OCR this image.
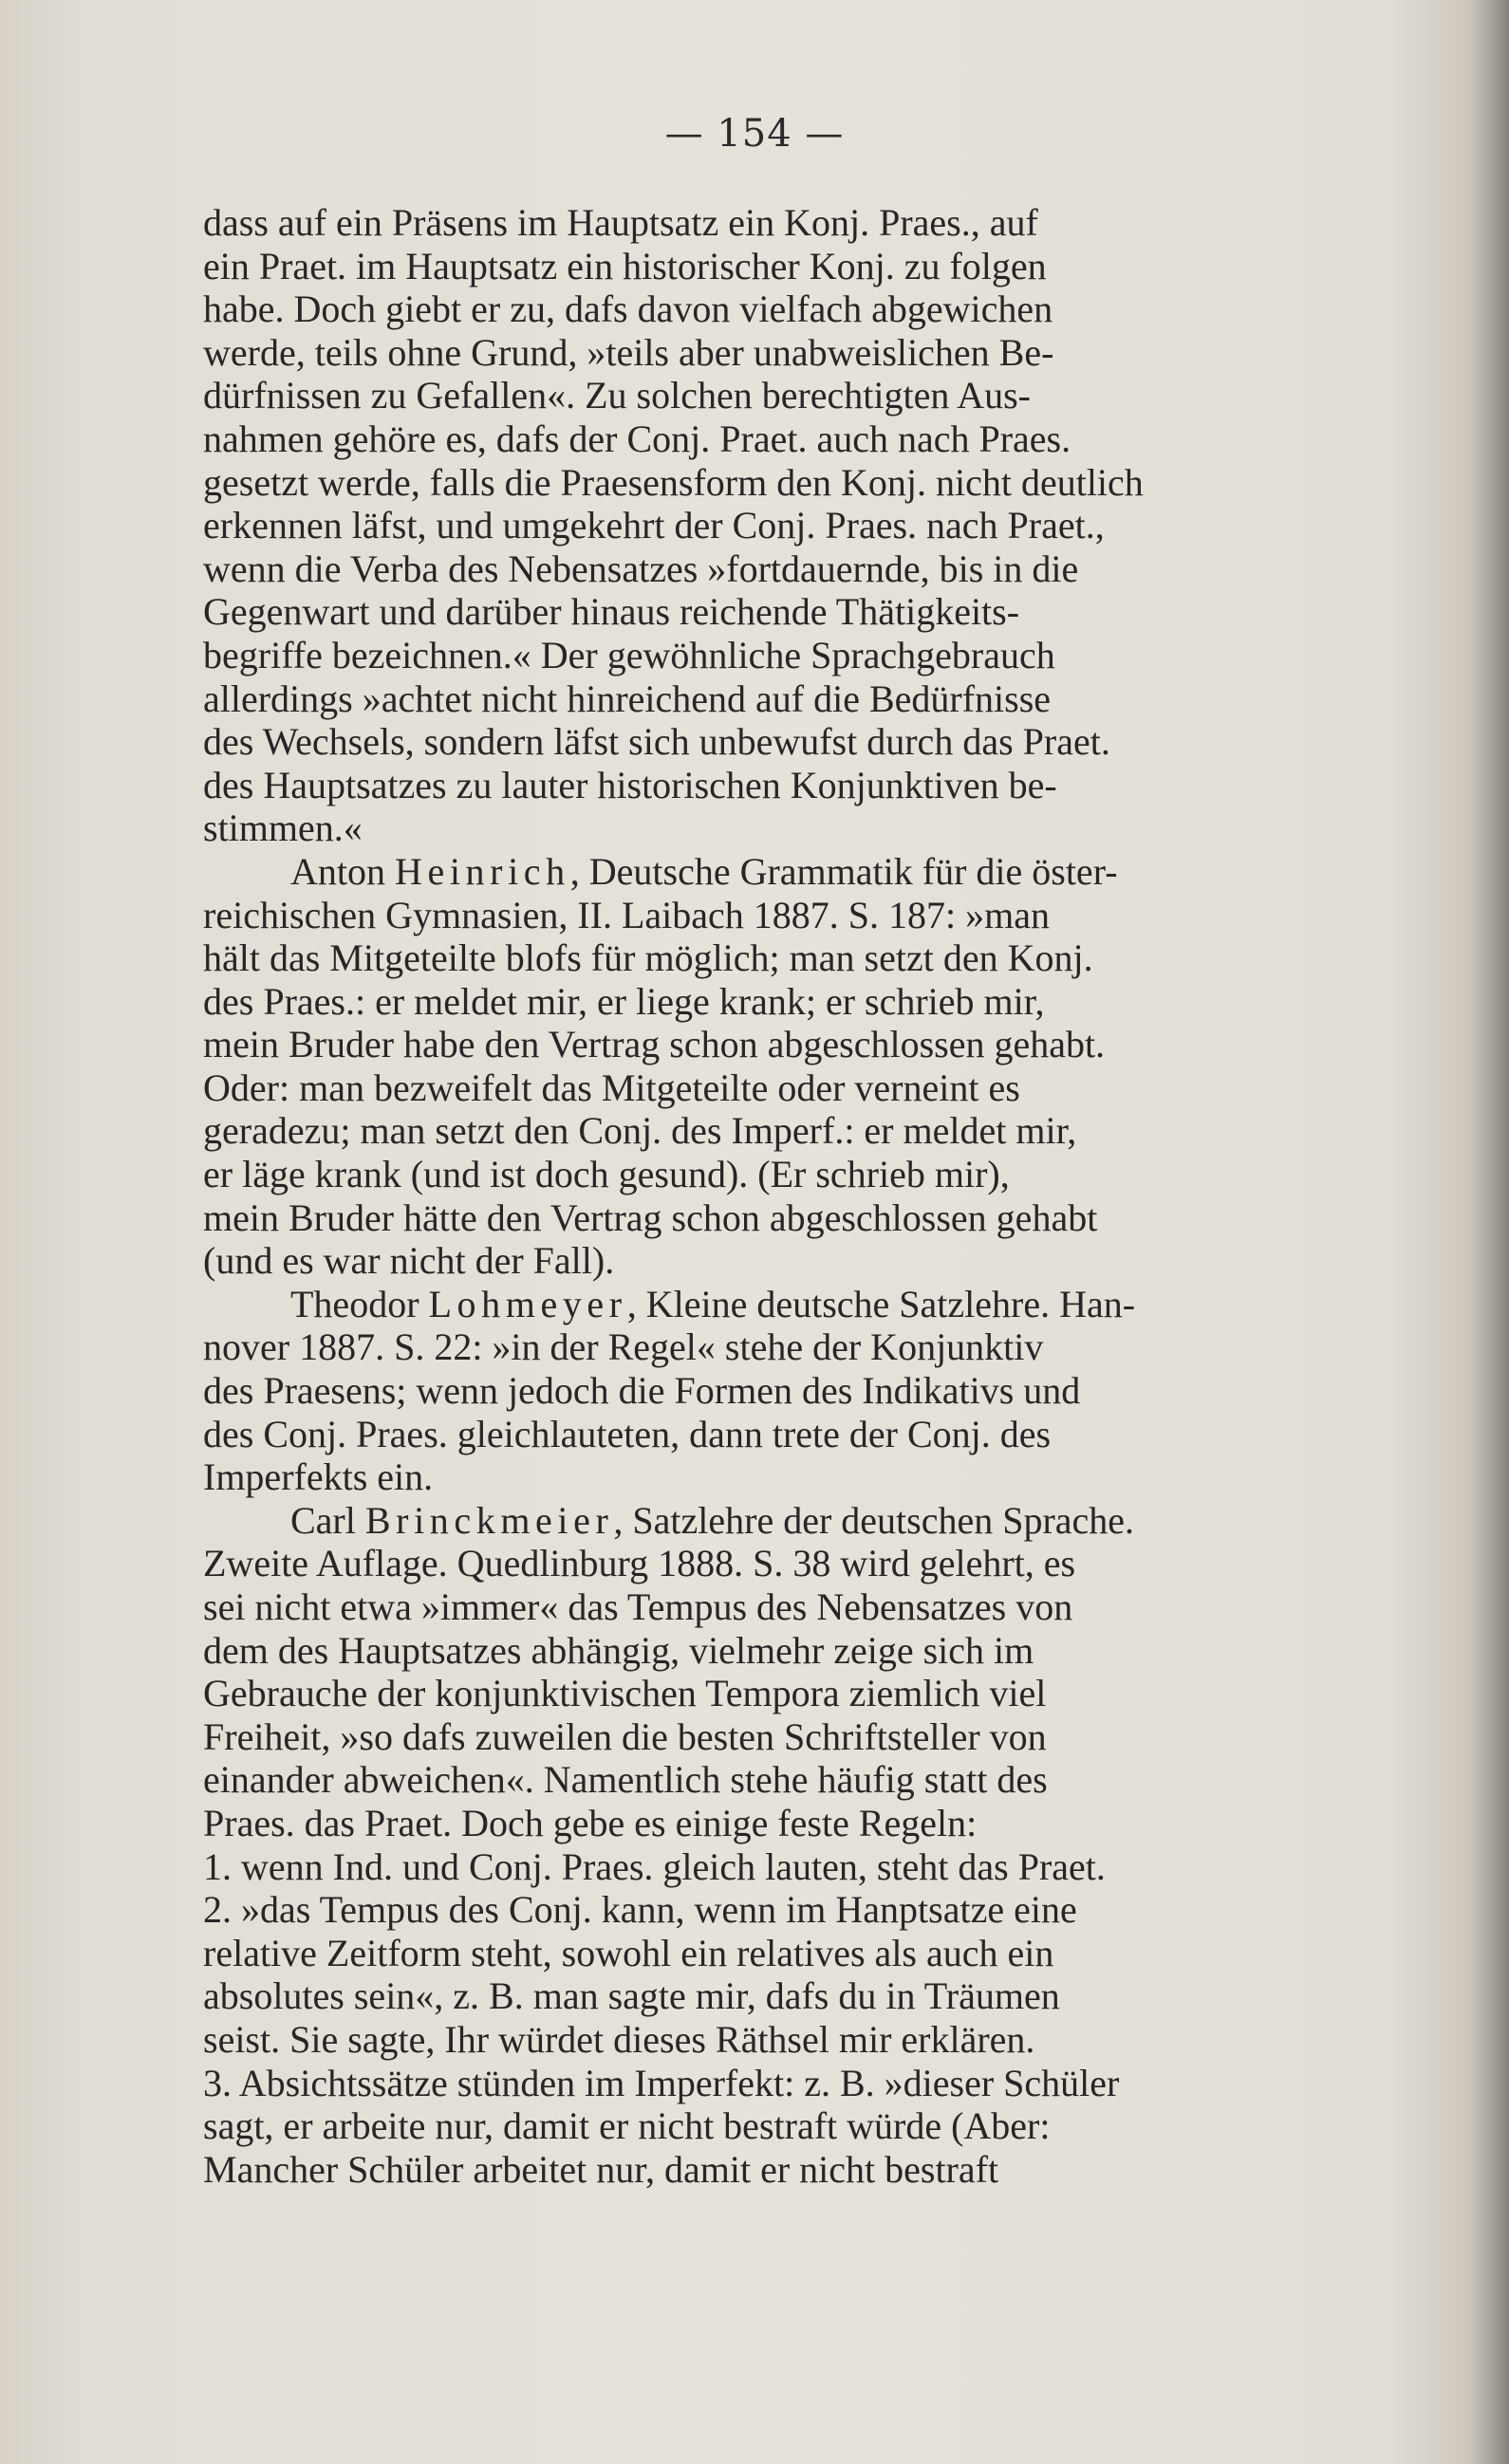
— 154 —
dass auf ein Präsens im Hauptsatz ein Konj. Praes., auf
ein Praet. im Hauptsatz ein historischer Konj. zu folgen
habe. Doch giebt er zu, dafs davon vielfach abgewichen
werde, teils ohne Grund, »teils aber unabweislichen Be-
dürfnissen zu Gefallen«. Zu solchen berechtigten Aus-
nahmen gehöre es, dafs der Conj. Praet. auch nach Praes.
gesetzt werde, falls die Praesensform den Konj. nicht deutlich
erkennen läfst, und umgekehrt der Conj. Praes. nach Praet.,
wenn die Verba des Nebensatzes »fortdauernde, bis in die
Gegenwart und darüber hinaus reichende Thätigkeits-
begriffe bezeichnen.« Der gewöhnliche Sprachgebrauch
allerdings »achtet nicht hinreichend auf die Bedürfnisse
des Wechsels, sondern läfst sich unbewufst durch das Praet.
des Hauptsatzes zu lauter historischen Konjunktiven be-
stimmen.«
Anton Heinrich, Deutsche Grammatik für die öster-
reichischen Gymnasien, II. Laibach 1887. S. 187: »man
hält das Mitgeteilte blofs für möglich; man setzt den Konj.
des Praes.: er meldet mir, er liege krank; er schrieb mir,
mein Bruder habe den Vertrag schon abgeschlossen gehabt.
Oder: man bezweifelt das Mitgeteilte oder verneint es
geradezu; man setzt den Conj. des Imperf.: er meldet mir,
er läge krank (und ist doch gesund). (Er schrieb mir),
mein Bruder hätte den Vertrag schon abgeschlossen gehabt
(und es war nicht der Fall).
Theodor Lohmeyer, Kleine deutsche Satzlehre. Han-
nover 1887. S. 22: »in der Regel« stehe der Konjunktiv
des Praesens; wenn jedoch die Formen des Indikativs und
des Conj. Praes. gleichlauteten, dann trete der Conj. des
Imperfekts ein.
Carl Brinckmeier, Satzlehre der deutschen Sprache.
Zweite Auflage. Quedlinburg 1888. S. 38 wird gelehrt, es
sei nicht etwa »immer« das Tempus des Nebensatzes von
dem des Hauptsatzes abhängig, vielmehr zeige sich im
Gebrauche der konjunktivischen Tempora ziemlich viel
Freiheit, »so dafs zuweilen die besten Schriftsteller von
einander abweichen«. Namentlich stehe häufig statt des
Praes. das Praet. Doch gebe es einige feste Regeln:
1. wenn Ind. und Conj. Praes. gleich lauten, steht das Praet.
2. »das Tempus des Conj. kann, wenn im Hanptsatze eine
relative Zeitform steht, sowohl ein relatives als auch ein
absolutes sein«, z. B. man sagte mir, dafs du in Träumen
seist. Sie sagte, Ihr würdet dieses Räthsel mir erklären.
3. Absichtssätze stünden im Imperfekt: z. B. »dieser Schüler
sagt, er arbeite nur, damit er nicht bestraft würde (Aber:
Mancher Schüler arbeitet nur, damit er nicht bestraft
